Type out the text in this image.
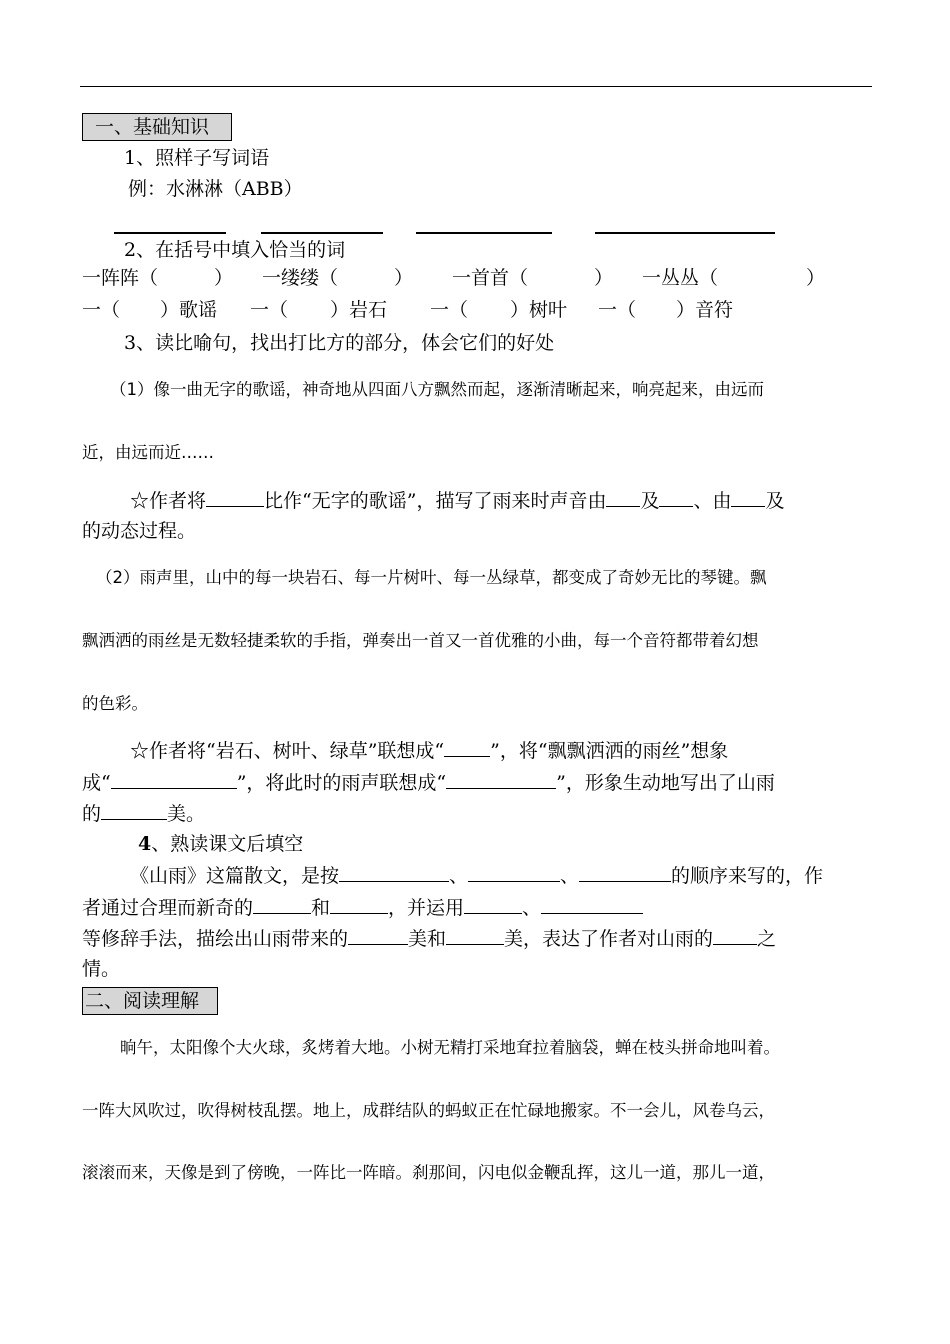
一、基础知识
1、照样子写词语
例：水淋淋（ABB）
2、在括号中填入恰当的词
一阵阵（	） 一缕缕（	） 一首首（	） 一丛丛（	）
一（ ）歌谣 一（ ）岩石 一（ ）树叶 一（ ）音符
3、读比喻句，找出打比方的部分，体会它们的好处
（1）像一曲无字的歌谣，神奇地从四面八方飘然而起，逐渐清晰起来，响亮起来，由远而
近，由远而近……
☆作者将	比作“无字的歌谣”，描写了雨来时声音由 及 、由 及
的动态过程。
（2）雨声里，山中的每一块岩石、每一片树叶、每一丛绿草，都变成了奇妙无比的琴键。飘
飘洒洒的雨丝是无数轻捷柔软的手指，弹奏出一首又一首优雅的小曲，每一个音符都带着幻想
的色彩。
☆作者将“岩石、树叶、绿草”联想成“ ”，将“飘飘洒洒的雨丝”想象
成“	”，将此时的雨声联想成“	”，形象生动地写出了山雨
的	美。
4、熟读课文后填空
《山雨》这篇散文，是按	、	、	的顺序来写的，作
者通过合理而新奇的	和	，并运用	、
等修辞手法，描绘出山雨带来的	美和	美，表达了作者对山雨的 之
情。
二、阅读理解
晌午，太阳像个大火球，炙烤着大地。小树无精打采地耷拉着脑袋，蝉在枝头拼命地叫着。
一阵大风吹过，吹得树枝乱摆。地上，成群结队的蚂蚁正在忙碌地搬家。不一会儿，风卷乌云，
滚滚而来，天像是到了傍晚，一阵比一阵暗。刹那间，闪电似金鞭乱挥，这儿一道，那儿一道，
